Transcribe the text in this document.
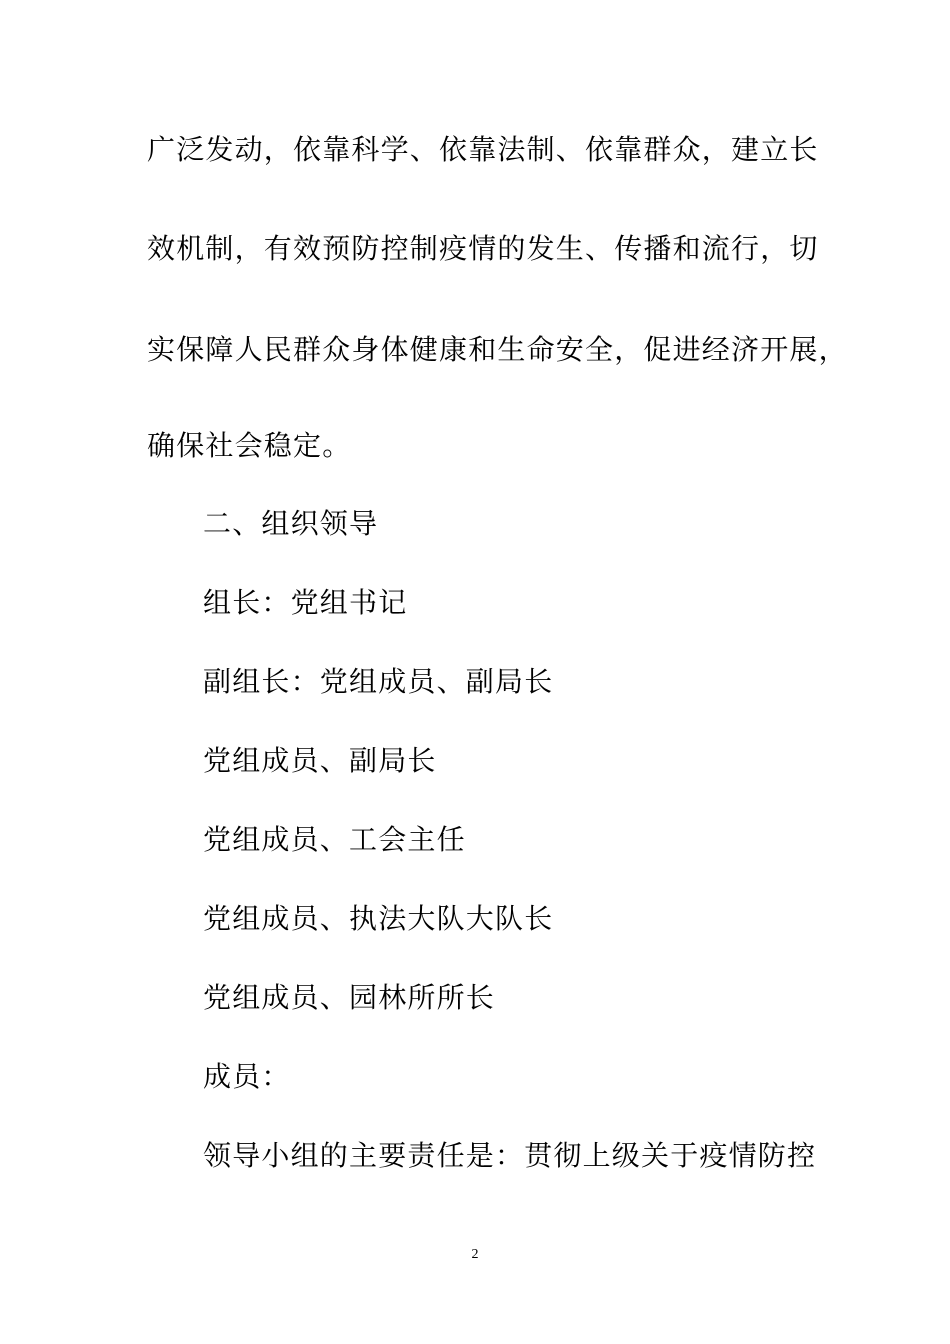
广泛发动，依靠科学、依靠法制、依靠群众，建立长
效机制，有效预防控制疫情的发生、传播和流行，切
实保障人民群众身体健康和生命安全，促进经济开展，
确保社会稳定。
二、组织领导
组长：党组书记
副组长：党组成员、副局长
党组成员、副局长
党组成员、工会主任
党组成员、执法大队大队长
党组成员、园林所所长
成员：
领导小组的主要责任是：贯彻上级关于疫情防控
2
